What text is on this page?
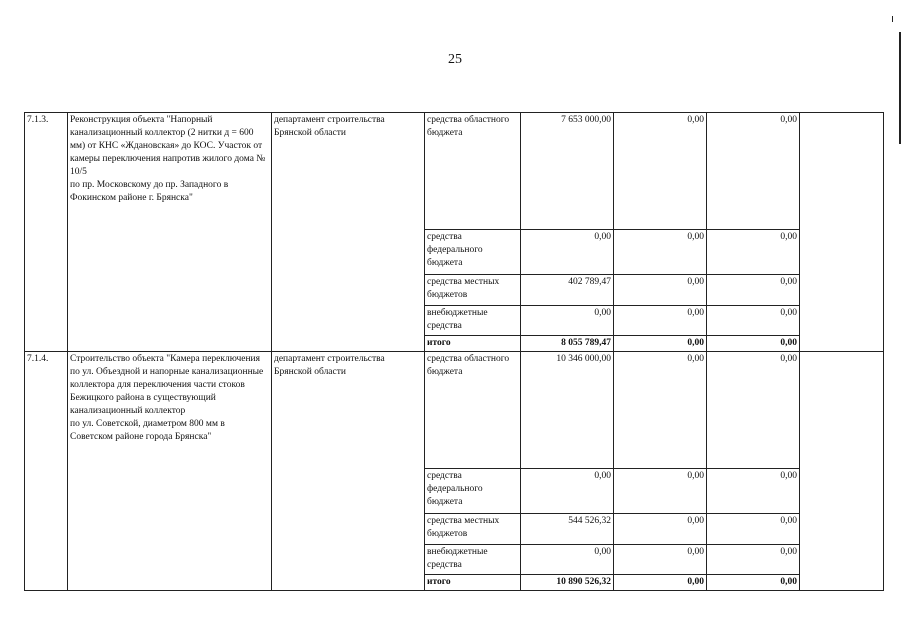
25
7.1.3.	Реконструкция объекта "Напорный канализационный коллектор (2 нитки д = 600 мм) от КНС «Ждановская» до КОС. Участок от камеры переключения напротив жилого дома № 10/5
по пр. Московскому до пр. Западного в Фокинском районе г. Брянска"	департамент строительства Брянской области	средства областного бюджета	7 653 000,00	0,00	0,00	
			средства федерального бюджета	0,00	0,00	0,00	
			средства местных бюджетов	402 789,47	0,00	0,00	
			внебюджетные средства	0,00	0,00	0,00	
			итого	8 055 789,47	0,00	0,00	
7.1.4.	Строительство объекта "Камера переключения по ул. Объездной и напорные канализационные коллектора для переключения части стоков Бежицкого района в существующий канализационный коллектор
по ул. Советской, диаметром 800 мм в Советском районе города Брянска"	департамент строительства Брянской области	средства областного бюджета	10 346 000,00	0,00	0,00	
			средства федерального бюджета	0,00	0,00	0,00	
			средства местных бюджетов	544 526,32	0,00	0,00	
			внебюджетные средства	0,00	0,00	0,00	
			итого	10 890 526,32	0,00	0,00	
